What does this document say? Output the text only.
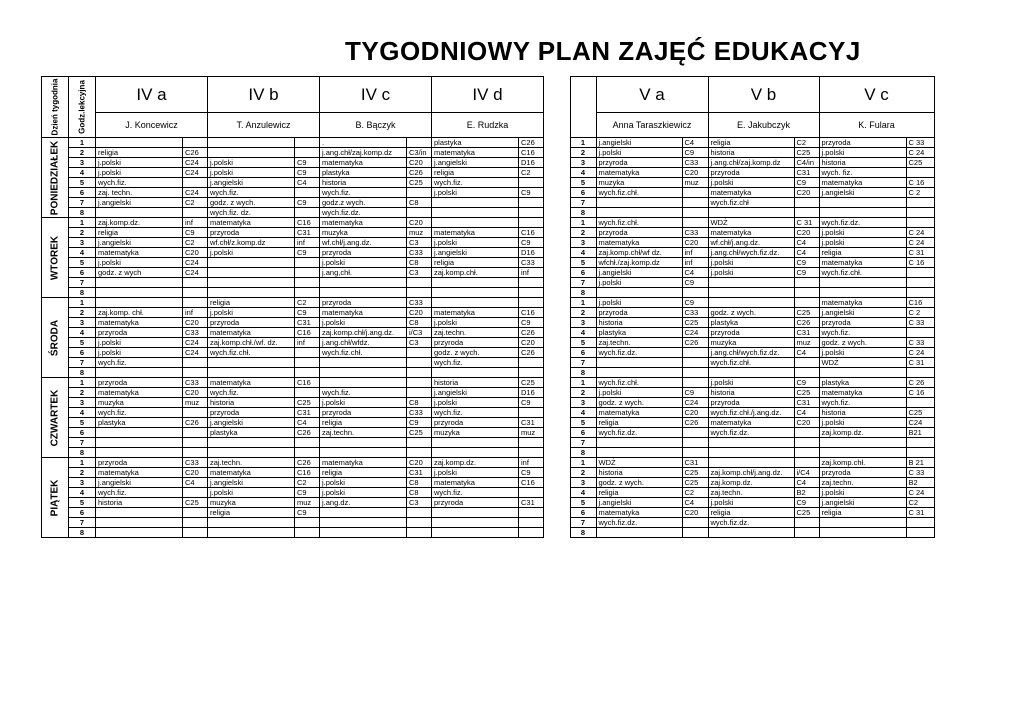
TYGODNIOWY PLAN ZAJĘĆ EDUKACYJ
Dzień tygodnia	Godz.lekcyjna	IV a		IV b		IV c		IV d	
		J. Koncewicz		T. Anzulewicz		B. Bączyk		E. Rudzka	

PONIEDZIAŁEK	1					.		plastyka	C26
	2	religia	C26			j.ang.chł/zaj.komp.dz	C3/in	matematyka	C16
	3	j.polski	C24	j.polski	C9	matematyka	C20	j.angielski	D16
	4	j.polski	C24	j.polski	C9	plastyka	C26	religia	C2
	5	wych.fiz.		j.angielski	C4	historia	C25	wych.fiz.	
	6	zaj. techn.	C24	wych.fiz.		wych.fiz.		j.polski	C9
	7	j.angielski	C2	godz. z wych.	C9	godz.z wych.	C8		
	8			wych.fiz. dz.		wych.fiz.dz.			

WTOREK	1	zaj.komp.dz.	inf	matematyka	C16	matematyka	C20		
	2	religia	C9	przyroda	C31	muzyka	muz	matematyka	C16
	3	j.angielski	C2	wf.chł/z.komp.dz	inf	wf.chł/j.ang.dz.	C3	j.polski	C9
	4	matematyka	C20	j.polski	C9	przyroda	C33	j.angielski	D16
	5	j.polski	C24			j.polski	C8	religia	C33
	6	godz. z wych	C24			j.ang,chł.	C3	zaj.komp.chł.	inf
	7								
	8								

ŚRODA	1			religia	C2	przyroda	C33		
	2	zaj.komp. chł.	inf	j.polski	C9	matematyka	C20	matematyka	C16
	3	matematyka	C20	przyroda	C31	j.polski	C8	j.polski	C9
	4	przyroda	C33	matematyka	C16	zaj.komp.chł/j.ang.dz.	i/C3	zaj.techn.	C26
	5	j.polski	C24	zaj.komp.chł./wf. dz.	inf	j.ang.chł/wfdz.	C3	przyroda	C20
	6	j.polski	C24	wych.fiz.chł.		wych.fiz.chł.		godz. z wych.	C26
	7	wych.fiz.						wych.fiz.	
	8								

CZWARTEK	1	przyroda	C33	matematyka	C16			historia	C25
	2	matematyka	C20	wych.fiz.		wych.fiz.		j.angielski	D16
	3	muzyka	muz	historia	C25	j.polski	C8	j.polski	C9
	4	wych.fiz.		przyroda	C31	przyroda	C33	wych.fiz.	
	5	plastyka	C26	j.angielski	C4	religia	C9	przyroda	C31
	6			plastyka	C26	zaj.techn.	C25	muzyka	muz
	7								
	8								

PIĄTEK	1	przyroda	C33	zaj.techn.	C26	matematyka	C20	zaj.komp.dz.	inf
	2	matematyka	C20	matematyka	C16	religia	C31	j.polski	C9
	3	j.angielski	C4	j.angielski	C2	j.polski	C8	matematyka	C16
	4	wych.fiz.		j.polski	C9	j.polski	C8	wych.fiz.	
	5	historia	C25	muzyka	muz	j.ang.dz.	C3	przyroda	C31
	6			religia	C9				
	7								
	8								
		V a		V b		V c	
		Anna Taraszkiewicz		E. Jakubczyk		K. Fulara	
	1	j.angielski	C4	religia	C2	przyroda	C 33
	2	j.polski	C9	historia	C25	j.polski	C 24
	3	przyroda	C33	j.ang.chł/zaj.komp.dz	C4/in	historia	C25
	4	matematyka	C20	przyroda	C31	wych. fiz.	
	5	muzyka	muz	j.polski	C9	matematyka	C 16
	6	wych.fiz.chł.		matematyka	C20	j.angielski	C 2
	7			wych.fiz.chł			
	8						
	1	wych.fiz.chł.		WDŻ	C 31	wych.fiz.dz.	
	2	przyroda	C33	matematyka	C20	j.polski	C 24
	3	matematyka	C20	wf.chł/j.ang.dz.	C4	j.polski	C 24
	4	zaj.komp.chł/wf dz.	inf	j.ang.chł/wych.fiz.dz.	C4	religia	C 31
	5	wfchł./zaj.komp.dz	inf	j.polski	C9	matematyka	C 16
	6	j.angielski	C4	j.polski	C9	wych.fiz.chł.	
	7	j.polski	C9				
	8						
	1	j.polski	C9			matematyka	C16
	2	przyroda	C33	godz. z wych.	C25	j.angielski	C 2
	3	historia	C25	plastyka	C26	przyroda	C 33
	4	plastyka	C24	przyroda	C31	wych.fiz.	
	5	zaj.techn.	C26	muzyka	muz	godz. z wych.	C 33
	6	wych.fiz.dz.		j.ang.chł/wych.fiz.dz.	C4	j.polski	C 24
	7			wych.fiz.chł.		WDŻ	C 31
	8						
	1	wych.fiz.chł.		j.polski	C9	plastyka	C 26
	2	j.polski	C9	historia	C25	matematyka	C 16
	3	godz. z wych.	C24	przyroda	C31	wych.fiz.	
	4	matematyka	C20	wych.fiz.chł./j.ang.dz.	C4	historia	C25
	5	religia	C26	matematyka	C20	j.polski	C24
	6	wych.fiz.dz.		wych.fiz.dz.		zaj.komp.dz.	B21
	7						
	8						
	1	WDŻ	C31			zaj.komp.chł.	B 21
	2	historia	C25	zaj.komp.chł/j.ang.dz.	i/C4	przyroda	C 33
	3	godz. z wych.	C25	zaj.komp.dz.	C4	zaj.techn.	B2
	4	religia	C2	zaj.techn.	B2	j.polski	C 24
	5	j.angielski	C4	j.polski	C9	j.angielski	C2
	6	matematyka	C20	religia	C25	religia	C 31
	7	wych.fiz.dz.		wych.fiz.dz.			
	8						
